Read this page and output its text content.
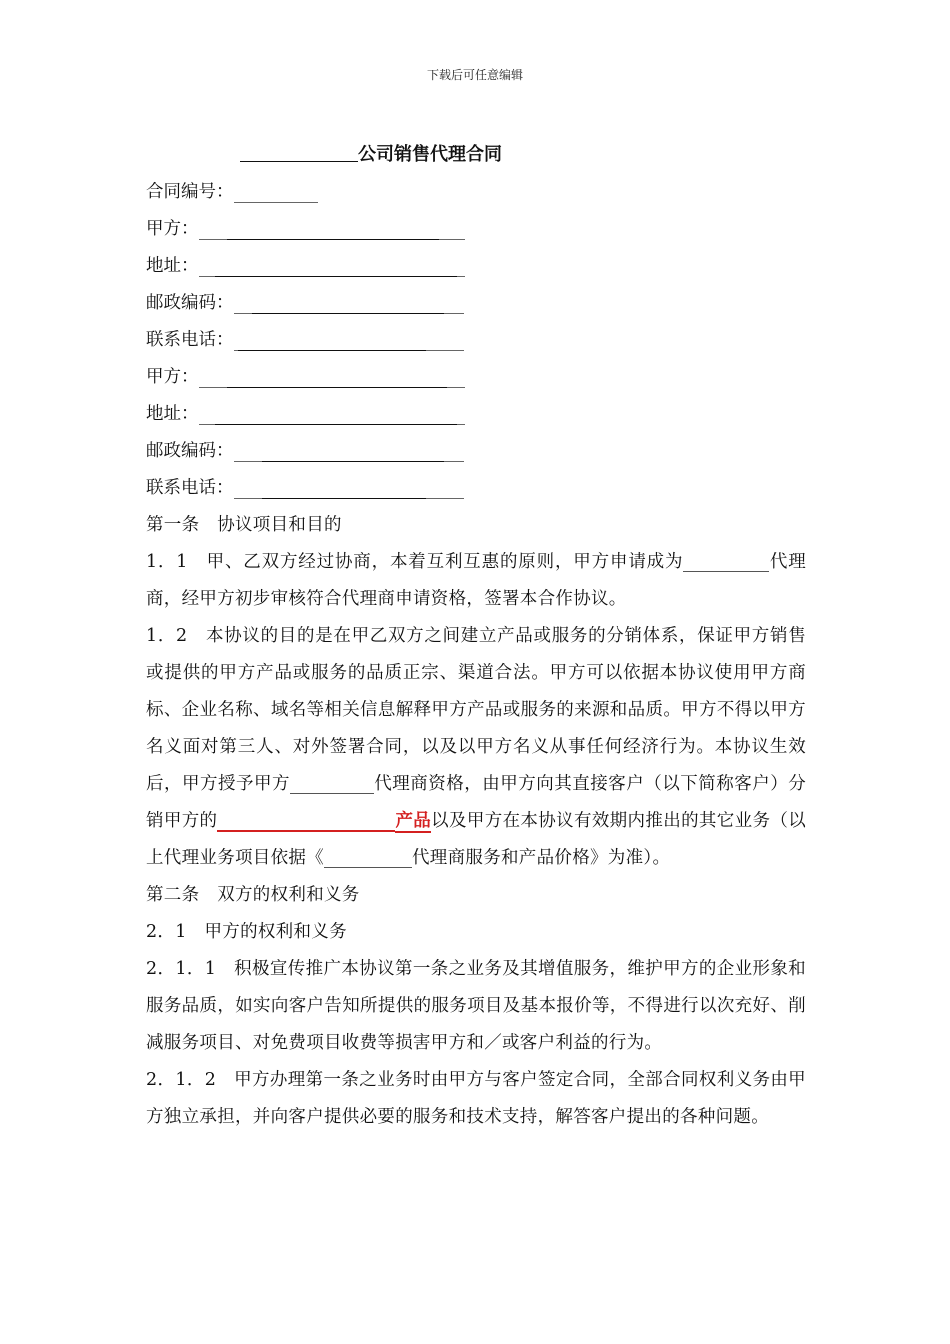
下载后可任意编辑
公司销售代理合同
合同编号：
甲方：
地址：
邮政编码：
联系电话：
甲方：
地址：
邮政编码：
联系电话：

第一条　协议项目和目的

1．1　甲、乙双方经过协商，本着互利互惠的原则，甲方申请成为	代理商，经甲方初步审核符合代理商申请资格，签署本合作协议。

1．2　本协议的目的是在甲乙双方之间建立产品或服务的分销体系，保证甲方销售或提供的甲方产品或服务的品质正宗、渠道合法。甲方可以依据本协议使用甲方商标、企业名称、域名等相关信息解释甲方产品或服务的来源和品质。甲方不得以甲方名义面对第三人、对外签署合同，以及以甲方名义从事任何经济行为。本协议生效后，甲方授予甲方	代理商资格，由甲方向其直接客户（以下简称客户）分销甲方的	产品以及甲方在本协议有效期内推出的其它业务（以上代理业务项目依据《	代理商服务和产品价格》为准）。

第二条　双方的权利和义务

2．1　甲方的权利和义务

2．1．1　积极宣传推广本协议第一条之业务及其增值服务，维护甲方的企业形象和服务品质，如实向客户告知所提供的服务项目及基本报价等，不得进行以次充好、削减服务项目、对免费项目收费等损害甲方和／或客户利益的行为。

2．1．2　甲方办理第一条之业务时由甲方与客户签定合同，全部合同权利义务由甲方独立承担，并向客户提供必要的服务和技术支持，解答客户提出的各种问题。
